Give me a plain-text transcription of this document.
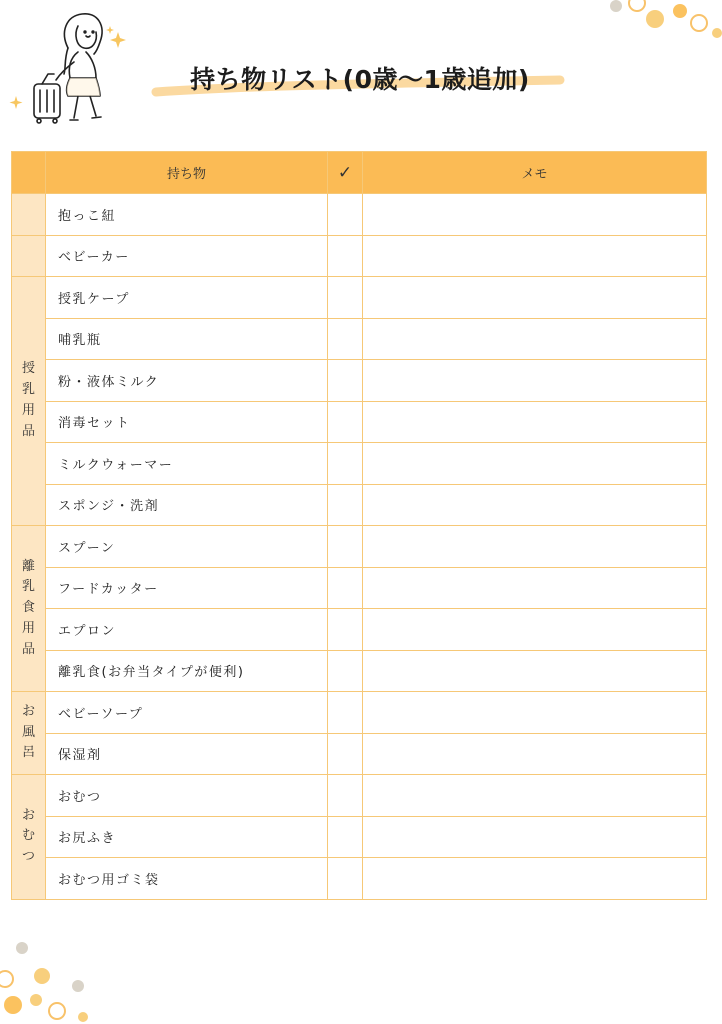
持ち物リスト(0歳〜1歳追加)
	持ち物	✓	メモ
	抱っこ紐		
	ベビーカー		
授乳用品	授乳ケープ		
	哺乳瓶		
	粉・液体ミルク		
	消毒セット		
	ミルクウォーマー		
	スポンジ・洗剤		
離乳食用品	スプーン		
	フードカッター		
	エプロン		
	離乳食(お弁当タイプが便利)		
お風呂	ベビーソープ		
	保湿剤		
おむつ	おむつ		
	お尻ふき		
	おむつ用ゴミ袋		
